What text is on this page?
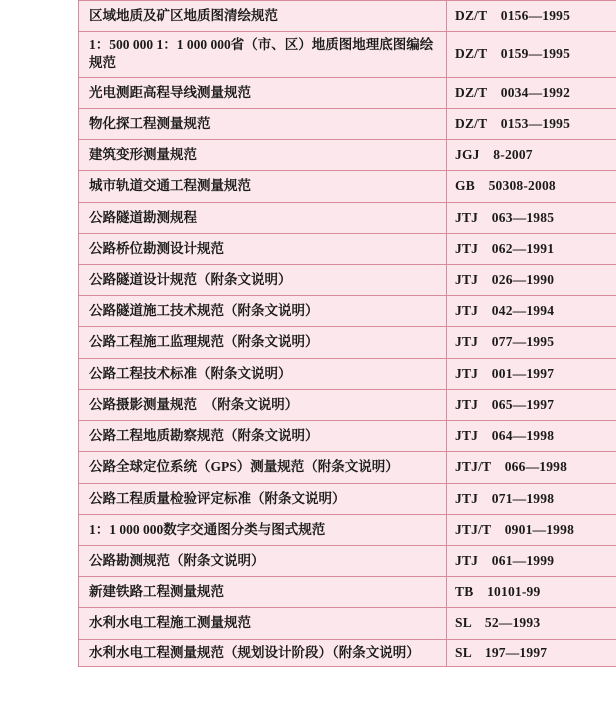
区域地质及矿区地质图清绘规范	DZ/T　0156—1995
1：500 000 1：1 000 000省（市、区）地质图地理底图编绘规范	DZ/T　0159—1995
光电测距高程导线测量规范	DZ/T　0034—1992
物化探工程测量规范	DZ/T　0153—1995
建筑变形测量规范	JGJ　8-2007
城市轨道交通工程测量规范	GB　50308-2008
公路隧道勘测规程	JTJ　063—1985
公路桥位勘测设计规范	JTJ　062—1991
公路隧道设计规范（附条文说明）	JTJ　026—1990
公路隧道施工技术规范（附条文说明）	JTJ　042—1994
公路工程施工监理规范（附条文说明）	JTJ　077—1995
公路工程技术标准（附条文说明）	JTJ　001—1997
公路摄影测量规范　（附条文说明）	JTJ　065—1997
公路工程地质勘察规范（附条文说明）	JTJ　064—1998
公路全球定位系统（GPS）测量规范（附条文说明）	JTJ/T　066—1998
公路工程质量检验评定标准（附条文说明）	JTJ　071—1998
1：1 000 000数字交通图分类与图式规范	JTJ/T　0901—1998
公路勘测规范（附条文说明）	JTJ　061—1999
新建铁路工程测量规范	TB　10101-99
水利水电工程施工测量规范	SL　52—1993
水利水电工程测量规范（规划设计阶段）（附条文说明）	SL　197—1997
